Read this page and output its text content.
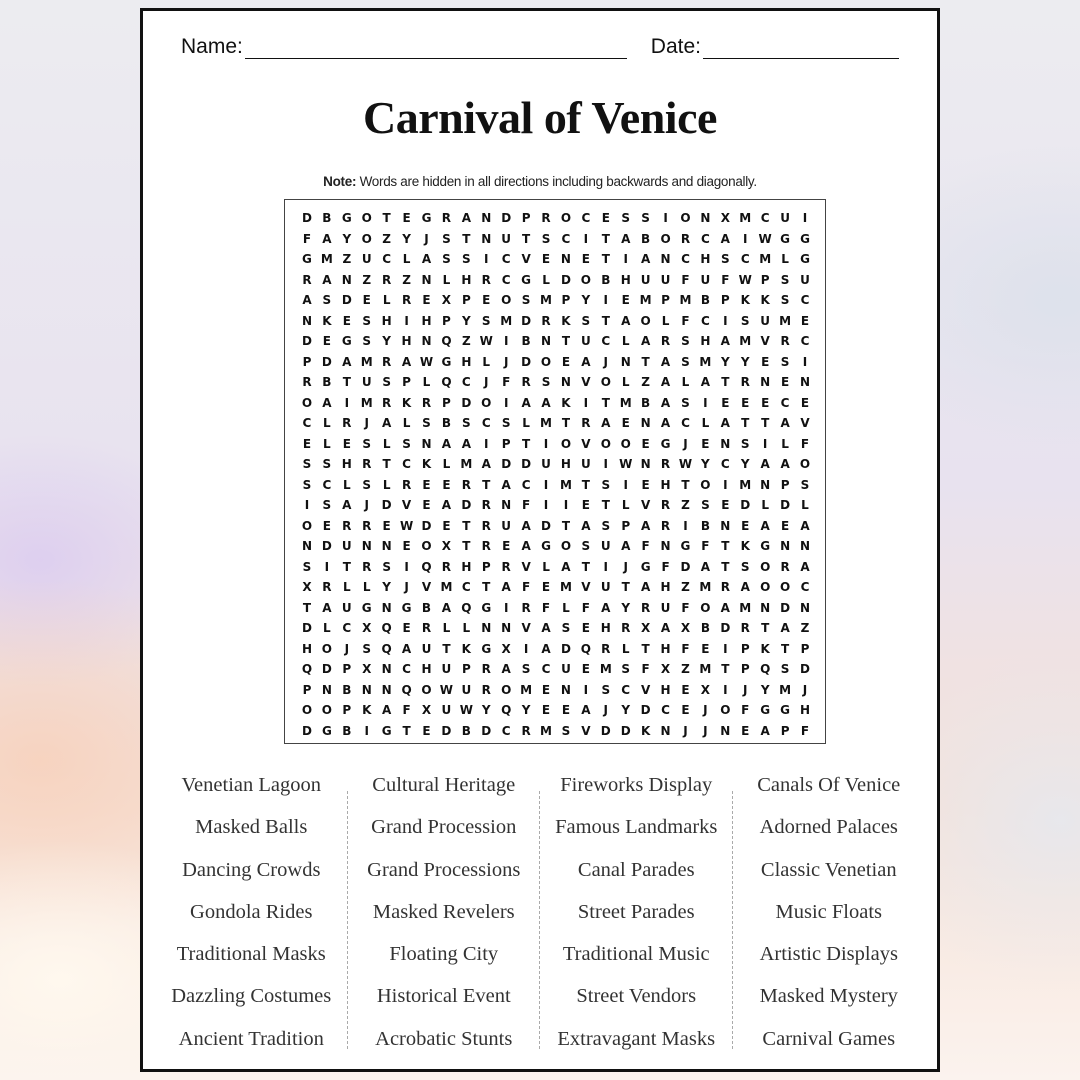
Name:	Date:
Carnival of Venice
Note: Words are hidden in all directions including backwards and diagonally.
D B G O T E G R A N D P R O C E S S	I	O N X M C U	I
F A Y O Z Y	J	S T N U T S C	I	T A B O R C A	I W G G
G M Z U C L A S S	I	C V E N E T	I	A N C H S C M L G
R A N Z R Z N L H R C G L D O B H U U F U F W P S U
A S D E L R E X P E O S M P Y	I	E M P M B P K K S C
N K E S H	I	H P Y S M D R K S T A O L	F C	I	S U M E
D E G S Y H N Q Z W I	B N T U C L A R S H A M V R C
P D A M R A W G H L	J	D O E A	J	N T A S M Y Y E S	I
R B T U S P L Q C	J	F R S N V O L Z A L A T R N E N
O A	I M R K R P D O	I	A A K	I	T M B A S	I	E E E C E
C L R	J	A L S B S C S L M T R A E N A C L A T T A V
E L	E S L S N A A	I	P T	I	O V O O E G	J	E N S	I	L	F
S S H R T C K L M A D D U H U	I W N R W Y C Y A A O
S C L S L R E E R T A C	I M T S	I	E H T O	I M N P S
I	S A	J	D V E A D R N F	I	I	E T	L V R Z S E D L D L
O E R R E W D E T R U A D T A S P A R	I	B N E A E A
N D U N N E O X T R E A G O S U A F N G F T K G N N
S	I	T R S	I	Q R H P R V L A T	I	J	G F D A T S O R A
X R L	L Y	J	V M C T A F E M V U T A H Z M R A O O C
T A U G N G B A Q G	I	R F L	F A Y R U F O A M N D N
D L C X Q E R L	L N N V A S E H R X A X B D R T A Z
H O	J	S Q A U T K G X	I	A D Q R L	T H F E	I	P K T P
Q D P X N C H U P R A S C U E M S F X Z M T P Q S D
P N B N N Q O W U R O M E N	I	S C V H E X	I	J	Y M J
O O P K A F X U W Y Q Y E E A	J	Y D C E	J	O F G G H
D G B	I	G T E D B D C R M S V D D K N	J	J	N E A P F
Venetian Lagoon
Masked Balls
Dancing Crowds
Gondola Rides
Traditional Masks
Dazzling Costumes
Ancient Tradition
Cultural Heritage
Grand Procession
Grand Processions
Masked Revelers
Floating City
Historical Event
Acrobatic Stunts
Fireworks Display
Famous Landmarks
Canal Parades
Street Parades
Traditional Music
Street Vendors
Extravagant Masks
Canals Of Venice
Adorned Palaces
Classic Venetian
Music Floats
Artistic Displays
Masked Mystery
Carnival Games
